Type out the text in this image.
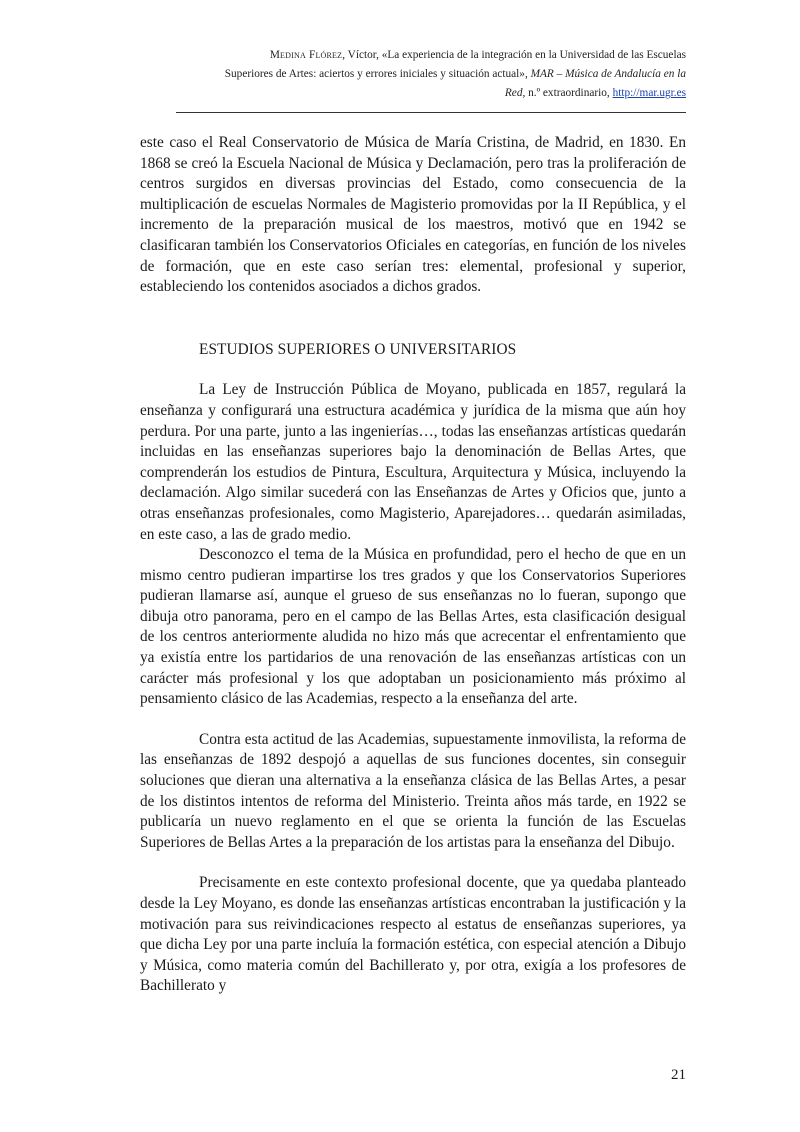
Medina Flórez, Víctor, «La experiencia de la integración en la Universidad de las Escuelas
Superiores de Artes: aciertos y errores iniciales y situación actual», MAR – Música de Andalucía en la
Red, n.º extraordinario, http://mar.ugr.es

este caso el Real Conservatorio de Música de María Cristina, de Madrid, en 1830. En 1868 se creó la Escuela Nacional de Música y Declamación, pero tras la proliferación de centros surgidos en diversas provincias del Estado, como consecuencia de la multiplicación de escuelas Normales de Magisterio promovidas por la II República, y el incremento de la preparación musical de los maestros, motivó que en 1942 se clasificaran también los Conservatorios Oficiales en categorías, en función de los niveles de formación, que en este caso serían tres: elemental, profesional y superior, estableciendo los contenidos asociados a dichos grados.

ESTUDIOS SUPERIORES O UNIVERSITARIOS

La Ley de Instrucción Pública de Moyano, publicada en 1857, regulará la enseñanza y configurará una estructura académica y jurídica de la misma que aún hoy perdura. Por una parte, junto a las ingenierías…, todas las enseñanzas artísticas quedarán incluidas en las enseñanzas superiores bajo la denominación de Bellas Artes, que comprenderán los estudios de Pintura, Escultura, Arquitectura y Música, incluyendo la declamación. Algo similar sucederá con las Enseñanzas de Artes y Oficios que, junto a otras enseñanzas profesionales, como Magisterio, Aparejadores… quedarán asimiladas, en este caso, a las de grado medio.

Desconozco el tema de la Música en profundidad, pero el hecho de que en un mismo centro pudieran impartirse los tres grados y que los Conservatorios Superiores pudieran llamarse así, aunque el grueso de sus enseñanzas no lo fueran, supongo que dibuja otro panorama, pero en el campo de las Bellas Artes, esta clasificación desigual de los centros anteriormente aludida no hizo más que acrecentar el enfrentamiento que ya existía entre los partidarios de una renovación de las enseñanzas artísticas con un carácter más profesional y los que adoptaban un posicionamiento más próximo al pensamiento clásico de las Academias, respecto a la enseñanza del arte.

Contra esta actitud de las Academias, supuestamente inmovilista, la reforma de las enseñanzas de 1892 despojó a aquellas de sus funciones docentes, sin conseguir soluciones que dieran una alternativa a la enseñanza clásica de las Bellas Artes, a pesar de los distintos intentos de reforma del Ministerio. Treinta años más tarde, en 1922 se publicaría un nuevo reglamento en el que se orienta la función de las Escuelas Superiores de Bellas Artes a la preparación de los artistas para la enseñanza del Dibujo.

Precisamente en este contexto profesional docente, que ya quedaba planteado desde la Ley Moyano, es donde las enseñanzas artísticas encontraban la justificación y la motivación para sus reivindicaciones respecto al estatus de enseñanzas superiores, ya que dicha Ley por una parte incluía la formación estética, con especial atención a Dibujo y Música, como materia común del Bachillerato y, por otra, exigía a los profesores de Bachillerato y

21
